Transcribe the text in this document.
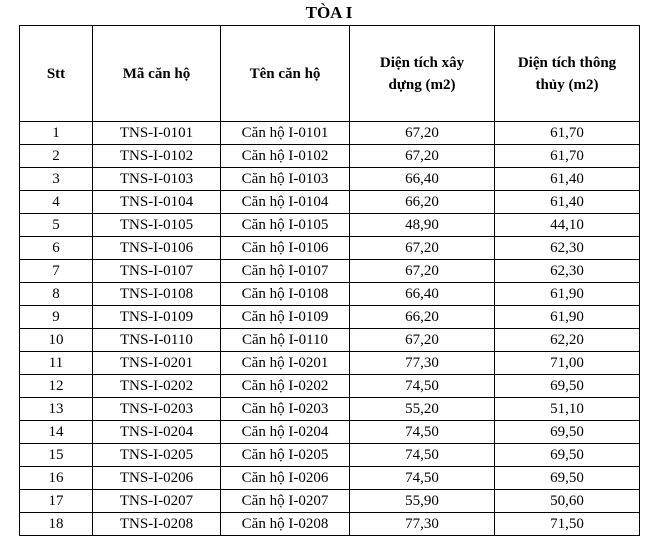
TÒA I
Stt	Mã căn hộ	Tên căn hộ	Diện tích xây dựng (m2)	Diện tích thông thủy (m2)
1	TNS-I-0101	Căn hộ I-0101	67,20	61,70
2	TNS-I-0102	Căn hộ I-0102	67,20	61,70
3	TNS-I-0103	Căn hộ I-0103	66,40	61,40
4	TNS-I-0104	Căn hộ I-0104	66,20	61,40
5	TNS-I-0105	Căn hộ I-0105	48,90	44,10
6	TNS-I-0106	Căn hộ I-0106	67,20	62,30
7	TNS-I-0107	Căn hộ I-0107	67,20	62,30
8	TNS-I-0108	Căn hộ I-0108	66,40	61,90
9	TNS-I-0109	Căn hộ I-0109	66,20	61,90
10	TNS-I-0110	Căn hộ I-0110	67,20	62,20
11	TNS-I-0201	Căn hộ I-0201	77,30	71,00
12	TNS-I-0202	Căn hộ I-0202	74,50	69,50
13	TNS-I-0203	Căn hộ I-0203	55,20	51,10
14	TNS-I-0204	Căn hộ I-0204	74,50	69,50
15	TNS-I-0205	Căn hộ I-0205	74,50	69,50
16	TNS-I-0206	Căn hộ I-0206	74,50	69,50
17	TNS-I-0207	Căn hộ I-0207	55,90	50,60
18	TNS-I-0208	Căn hộ I-0208	77,30	71,50
